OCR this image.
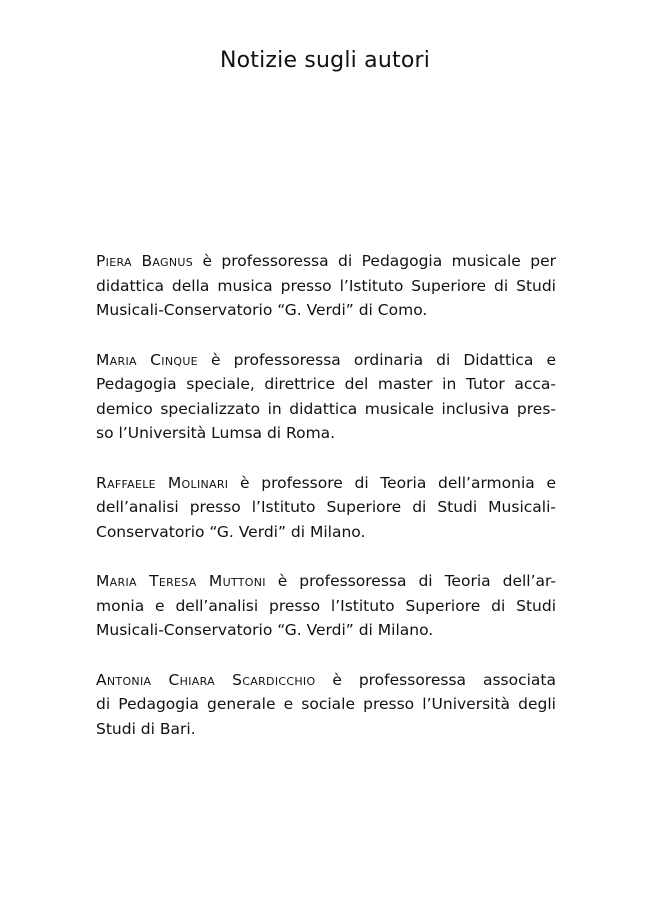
Notizie sugli autori

Piera Bagnus è professoressa di Pedagogia musicale per
didattica della musica presso l’Istituto Superiore di Studi
Musicali-Conservatorio “G. Verdi” di Como.

Maria Cinque è professoressa ordinaria di Didattica e
Pedagogia speciale, direttrice del master in Tutor acca-
demico specializzato in didattica musicale inclusiva pres-
so l’Università Lumsa di Roma.

Raffaele Molinari è professore di Teoria dell’armonia e
dell’analisi presso l’Istituto Superiore di Studi Musicali-
Conservatorio “G. Verdi” di Milano.

Maria Teresa Muttoni è professoressa di Teoria dell’ar-
monia e dell’analisi presso l’Istituto Superiore di Studi
Musicali-Conservatorio “G. Verdi” di Milano.

Antonia Chiara Scardicchio è professoressa associata
di Pedagogia generale e sociale presso l’Università degli
Studi di Bari.
